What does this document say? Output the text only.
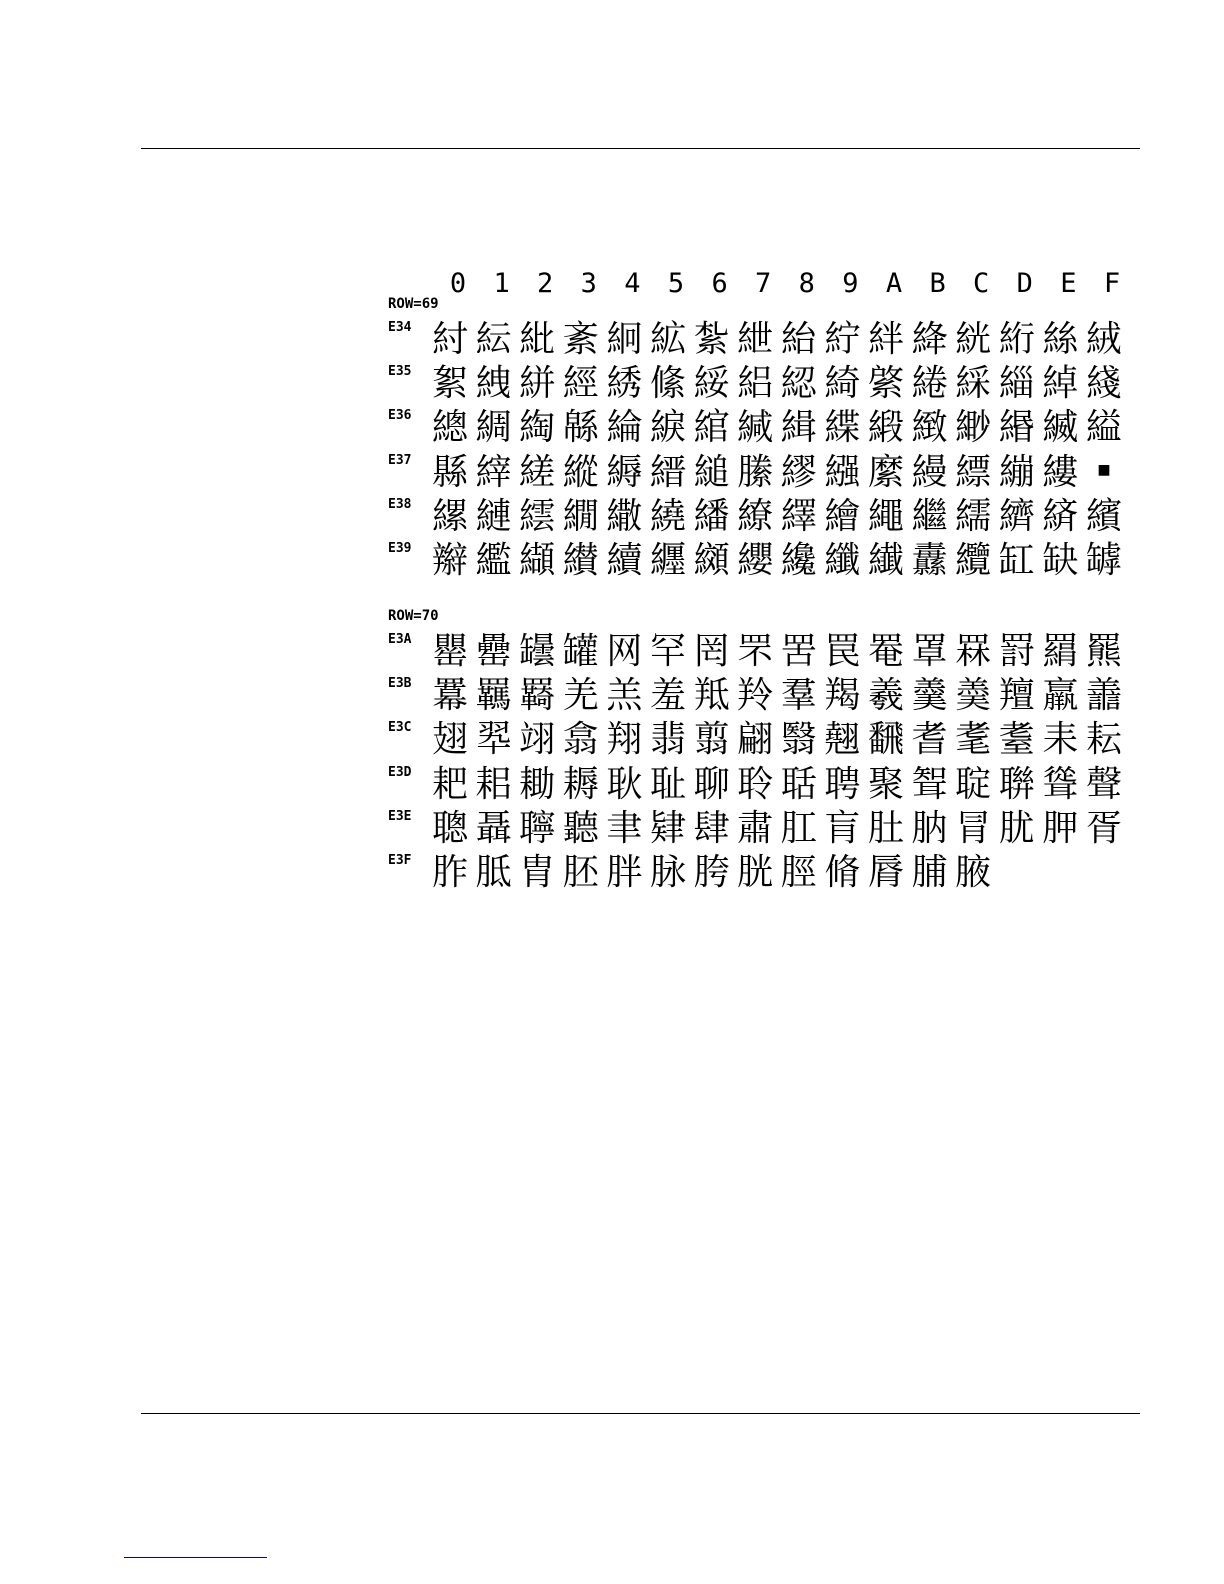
0	1	2	3	4	5	6	7	8	9	A	B	C	D	E	F
ROW=69
ROW=70
E34 紂 紜 紕 紊 絅 絋 紮 紲 紿 紵 絆 絳 絖 絎 絲 絨
E35 絮 絏 絣 經 綉 絛 綏 絽 綛 綺 綮 綣 綵 緇 綽 綫
E36 總 綢 綯 緜 綸 綟 綰 緘 緝 緤 緞 緻 緲 緡 縅 縊
E37 縣 縡 縒 縱 縟 縉 縋 縢 繆 繦 縻 縵 縹 繃 縷	■
E38 縲 縺 繧 繝 繖 繞 繙 繚 繹 繪 繩 繼 繻 纃 緕 繽
E39 辮 繿 纈 纉 續 纒 纐 纓 纔 纖 纎 纛 纜 缸 缺 罅
E3A 罌 罍 罎 罐 网 罕 罔 罘 罟 罠 罨 罩 罧 罸 羂 羆
E3B 羃 羈 羇 羌 羔 羞 羝 羚 羣 羯 羲 羹 羮 羶 羸 譱
E3C 翅 翆 翊 翕 翔 翡 翦 翩 翳 翹 飜 耆 耄 耋 耒 耘
E3D 耙 耜 耡 耨 耿 耻 聊 聆 聒 聘 聚 聟 聢 聨 聳 聲
E3E 聰 聶 聹 聽 聿 肄 肆 肅 肛 肓 肚 肭 冐 肬 胛 胥
E3F 胙 胝 胄 胚 胖 脉 胯 胱 脛 脩 脣 脯 腋
